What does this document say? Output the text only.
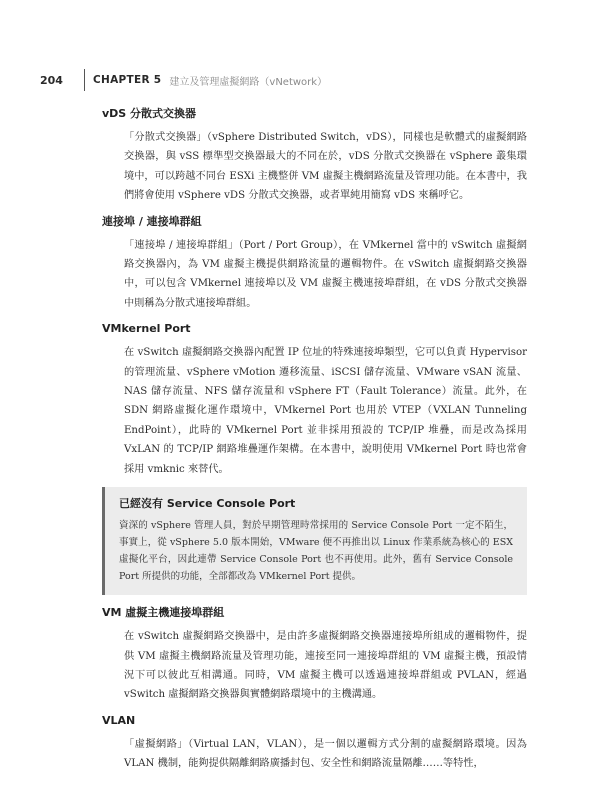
204	CHAPTER 5 建立及管理虛擬網路（vNetwork）
vDS 分散式交換器

「分散式交換器」（vSphere Distributed Switch，vDS），同樣也是軟體式的虛擬網路交換器，與 vSS 標準型交換器最大的不同在於，vDS 分散式交換器在 vSphere 叢集環境中，可以跨越不同台 ESXi 主機整併 VM 虛擬主機網路流量及管理功能。在本書中，我們將會使用 vSphere vDS 分散式交換器，或者單純用簡寫 vDS 來稱呼它。

連接埠 / 連接埠群組

「連接埠 / 連接埠群組」（Port / Port Group），在 VMkernel 當中的 vSwitch 虛擬網路交換器內，為 VM 虛擬主機提供網路流量的邏輯物件。在 vSwitch 虛擬網路交換器中，可以包含 VMkernel 連接埠以及 VM 虛擬主機連接埠群組，在 vDS 分散式交換器中則稱為分散式連接埠群組。

VMkernel Port

在 vSwitch 虛擬網路交換器內配置 IP 位址的特殊連接埠類型，它可以負責 Hypervisor 的管理流量、vSphere vMotion 遷移流量、iSCSI 儲存流量、VMware vSAN 流量、NAS 儲存流量、NFS 儲存流量和 vSphere FT（Fault Tolerance）流量。此外，在 SDN 網路虛擬化運作環境中，VMkernel Port 也用於 VTEP（VXLAN Tunneling EndPoint），此時的 VMkernel Port 並非採用預設的 TCP/IP 堆疊，而是改為採用 VxLAN 的 TCP/IP 網路堆疊運作架構。在本書中，說明使用 VMkernel Port 時也常會採用 vmknic 來替代。

已經沒有 Service Console Port

資深的 vSphere 管理人員，對於早期管理時常採用的 Service Console Port 一定不陌生，事實上，從 vSphere 5.0 版本開始，VMware 便不再推出以 Linux 作業系統為核心的 ESX 虛擬化平台，因此連帶 Service Console Port 也不再使用。此外，舊有 Service Console Port 所提供的功能，全部都改為 VMkernel Port 提供。

VM 虛擬主機連接埠群組

在 vSwitch 虛擬網路交換器中，是由許多虛擬網路交換器連接埠所組成的邏輯物件，提供 VM 虛擬主機網路流量及管理功能，連接至同一連接埠群組的 VM 虛擬主機，預設情況下可以彼此互相溝通。同時，VM 虛擬主機可以透過連接埠群組或 PVLAN，經過 vSwitch 虛擬網路交換器與實體網路環境中的主機溝通。

VLAN

「虛擬網路」（Virtual LAN，VLAN），是一個以邏輯方式分割的虛擬網路環境。因為 VLAN 機制，能夠提供隔離網路廣播封包、安全性和網路流量隔離……等特性，
